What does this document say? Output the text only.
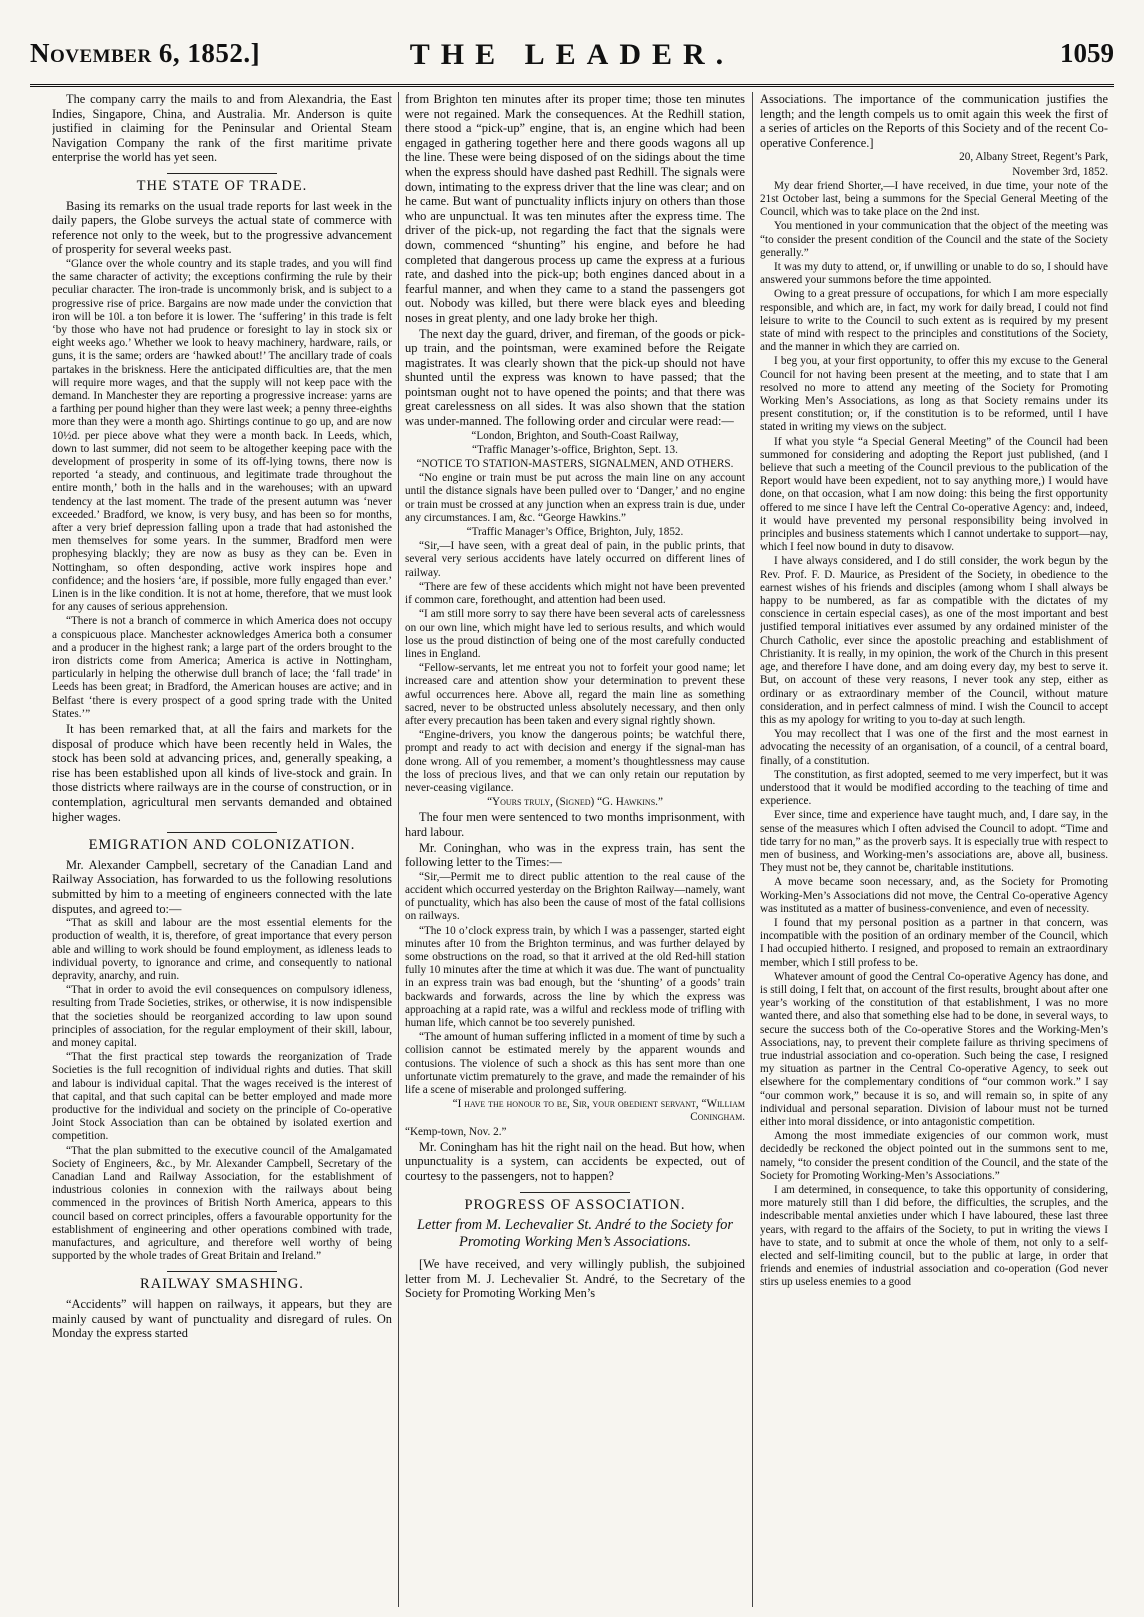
November 6, 1852.]	THE LEADER.	1059

The company carry the mails to and from Alexandria, the East Indies, Singapore, China, and Australia. Mr. Anderson is quite justified in claiming for the Peninsular and Oriental Steam Navigation Company the rank of the first maritime private enterprise the world has yet seen.

THE STATE OF TRADE.

Basing its remarks on the usual trade reports for last week in the daily papers, the Globe surveys the actual state of commerce with reference not only to the week, but to the progressive advancement of prosperity for several weeks past.

“Glance over the whole country and its staple trades, and you will find the same character of activity; the exceptions confirming the rule by their peculiar character. The iron-trade is uncommonly brisk, and is subject to a progressive rise of price. Bargains are now made under the conviction that iron will be 10l. a ton before it is lower. The ‘suffering’ in this trade is felt ‘by those who have not had prudence or foresight to lay in stock six or eight weeks ago.’ Whether we look to heavy machinery, hardware, rails, or guns, it is the same; orders are ‘hawked about!’ The ancillary trade of coals partakes in the briskness. Here the anticipated difficulties are, that the men will require more wages, and that the supply will not keep pace with the demand. In Manchester they are reporting a progressive increase: yarns are a farthing per pound higher than they were last week; a penny three-eighths more than they were a month ago. Shirtings continue to go up, and are now 10½d. per piece above what they were a month back. In Leeds, which, down to last summer, did not seem to be altogether keeping pace with the development of prosperity in some of its off-lying towns, there now is reported ‘a steady, and continuous, and legitimate trade throughout the entire month,’ both in the halls and in the warehouses; with an upward tendency at the last moment. The trade of the present autumn was ‘never exceeded.’ Bradford, we know, is very busy, and has been so for months, after a very brief depression falling upon a trade that had astonished the men themselves for some years. In the summer, Bradford men were prophesying blackly; they are now as busy as they can be. Even in Nottingham, so often desponding, active work inspires hope and confidence; and the hosiers ‘are, if possible, more fully engaged than ever.’ Linen is in the like condition. It is not at home, therefore, that we must look for any causes of serious apprehension.

“There is not a branch of commerce in which America does not occupy a conspicuous place. Manchester acknowledges America both a consumer and a producer in the highest rank; a large part of the orders brought to the iron districts come from America; America is active in Nottingham, particularly in helping the otherwise dull branch of lace; the ‘fall trade’ in Leeds has been great; in Bradford, the American houses are active; and in Belfast ‘there is every prospect of a good spring trade with the United States.’”

It has been remarked that, at all the fairs and markets for the disposal of produce which have been recently held in Wales, the stock has been sold at advancing prices, and, generally speaking, a rise has been established upon all kinds of live-stock and grain. In those districts where railways are in the course of construction, or in contemplation, agricultural men servants demanded and obtained higher wages.

EMIGRATION AND COLONIZATION.

Mr. Alexander Campbell, secretary of the Canadian Land and Railway Association, has forwarded to us the following resolutions submitted by him to a meeting of engineers connected with the late disputes, and agreed to:—

“That as skill and labour are the most essential elements for the production of wealth, it is, therefore, of great importance that every person able and willing to work should be found employment, as idleness leads to individual poverty, to ignorance and crime, and consequently to national depravity, anarchy, and ruin.

“That in order to avoid the evil consequences on compulsory idleness, resulting from Trade Societies, strikes, or otherwise, it is now indispensible that the societies should be reorganized according to law upon sound principles of association, for the regular employment of their skill, labour, and money capital.

“That the first practical step towards the reorganization of Trade Societies is the full recognition of individual rights and duties. That skill and labour is individual capital. That the wages received is the interest of that capital, and that such capital can be better employed and made more productive for the individual and society on the principle of Co-operative Joint Stock Association than can be obtained by isolated exertion and competition.

“That the plan submitted to the executive council of the Amalgamated Society of Engineers, &c., by Mr. Alexander Campbell, Secretary of the Canadian Land and Railway Association, for the establishment of industrious colonies in connexion with the railways about being commenced in the provinces of British North America, appears to this council based on correct principles, offers a favourable opportunity for the establishment of engineering and other operations combined with trade, manufactures, and agriculture, and therefore well worthy of being supported by the whole trades of Great Britain and Ireland.”

RAILWAY SMASHING.

“Accidents” will happen on railways, it appears, but they are mainly caused by want of punctuality and disregard of rules. On Monday the express started

from Brighton ten minutes after its proper time; those ten minutes were not regained. Mark the consequences. At the Redhill station, there stood a “pick-up” engine, that is, an engine which had been engaged in gathering together here and there goods wagons all up the line. These were being disposed of on the sidings about the time when the express should have dashed past Redhill. The signals were down, intimating to the express driver that the line was clear; and on he came. But want of punctuality inflicts injury on others than those who are unpunctual. It was ten minutes after the express time. The driver of the pick-up, not regarding the fact that the signals were down, commenced “shunting” his engine, and before he had completed that dangerous process up came the express at a furious rate, and dashed into the pick-up; both engines danced about in a fearful manner, and when they came to a stand the passengers got out. Nobody was killed, but there were black eyes and bleeding noses in great plenty, and one lady broke her thigh.

The next day the guard, driver, and fireman, of the goods or pick-up train, and the pointsman, were examined before the Reigate magistrates. It was clearly shown that the pick-up should not have shunted until the express was known to have passed; that the pointsman ought not to have opened the points; and that there was great carelessness on all sides. It was also shown that the station was under-manned. The following order and circular were read:—

“London, Brighton, and South-Coast Railway,

“Traffic Manager’s-office, Brighton, Sept. 13.

“NOTICE TO STATION-MASTERS, SIGNALMEN, AND OTHERS.

“No engine or train must be put across the main line on any account until the distance signals have been pulled over to ‘Danger,’ and no engine or train must be crossed at any junction when an express train is due, under any circumstances. I am, &c. “George Hawkins.”

“Traffic Manager’s Office, Brighton, July, 1852.

“Sir,—I have seen, with a great deal of pain, in the public prints, that several very serious accidents have lately occurred on different lines of railway.

“There are few of these accidents which might not have been prevented if common care, forethought, and attention had been used.

“I am still more sorry to say there have been several acts of carelessness on our own line, which might have led to serious results, and which would lose us the proud distinction of being one of the most carefully conducted lines in England.

“Fellow-servants, let me entreat you not to forfeit your good name; let increased care and attention show your determination to prevent these awful occurrences here. Above all, regard the main line as something sacred, never to be obstructed unless absolutely necessary, and then only after every precaution has been taken and every signal rightly shown.

“Engine-drivers, you know the dangerous points; be watchful there, prompt and ready to act with decision and energy if the signal-man has done wrong. All of you remember, a moment’s thoughtlessness may cause the loss of precious lives, and that we can only retain our reputation by never-ceasing vigilance.

“Yours truly, (Signed) “G. Hawkins.”

The four men were sentenced to two months imprisonment, with hard labour.

Mr. Coninghan, who was in the express train, has sent the following letter to the Times:—

“Sir,—Permit me to direct public attention to the real cause of the accident which occurred yesterday on the Brighton Railway—namely, want of punctuality, which has also been the cause of most of the fatal collisions on railways.

“The 10 o’clock express train, by which I was a passenger, started eight minutes after 10 from the Brighton terminus, and was further delayed by some obstructions on the road, so that it arrived at the old Red-hill station fully 10 minutes after the time at which it was due. The want of punctuality in an express train was bad enough, but the ‘shunting’ of a goods’ train backwards and forwards, across the line by which the express was approaching at a rapid rate, was a wilful and reckless mode of trifling with human life, which cannot be too severely punished.

“The amount of human suffering inflicted in a moment of time by such a collision cannot be estimated merely by the apparent wounds and contusions. The violence of such a shock as this has sent more than one unfortunate victim prematurely to the grave, and made the remainder of his life a scene of miserable and prolonged suffering.

“I have the honour to be, Sir, your obedient servant, “William Coningham.

“Kemp-town, Nov. 2.”

Mr. Coningham has hit the right nail on the head. But how, when unpunctuality is a system, can accidents be expected, out of courtesy to the passengers, not to happen?

PROGRESS OF ASSOCIATION.
Letter from M. Lechevalier St. André to the Society for Promoting Working Men’s Associations.

[We have received, and very willingly publish, the subjoined letter from M. J. Lechevalier St. André, to the Secretary of the Society for Promoting Working Men’s

Associations. The importance of the communication justifies the length; and the length compels us to omit again this week the first of a series of articles on the Reports of this Society and of the recent Co-operative Conference.]

20, Albany Street, Regent’s Park,

November 3rd, 1852.

My dear friend Shorter,—I have received, in due time, your note of the 21st October last, being a summons for the Special General Meeting of the Council, which was to take place on the 2nd inst.

You mentioned in your communication that the object of the meeting was “to consider the present condition of the Council and the state of the Society generally.”

It was my duty to attend, or, if unwilling or unable to do so, I should have answered your summons before the time appointed.

Owing to a great pressure of occupations, for which I am more especially responsible, and which are, in fact, my work for daily bread, I could not find leisure to write to the Council to such extent as is required by my present state of mind with respect to the principles and constitutions of the Society, and the manner in which they are carried on.

I beg you, at your first opportunity, to offer this my excuse to the General Council for not having been present at the meeting, and to state that I am resolved no more to attend any meeting of the Society for Promoting Working Men’s Associations, as long as that Society remains under its present constitution; or, if the constitution is to be reformed, until I have stated in writing my views on the subject.

If what you style “a Special General Meeting” of the Council had been summoned for considering and adopting the Report just published, (and I believe that such a meeting of the Council previous to the publication of the Report would have been expedient, not to say anything more,) I would have done, on that occasion, what I am now doing: this being the first opportunity offered to me since I have left the Central Co-operative Agency: and, indeed, it would have prevented my personal responsibility being involved in principles and business statements which I cannot undertake to support—nay, which I feel now bound in duty to disavow.

I have always considered, and I do still consider, the work begun by the Rev. Prof. F. D. Maurice, as President of the Society, in obedience to the earnest wishes of his friends and disciples (among whom I shall always be happy to be numbered, as far as compatible with the dictates of my conscience in certain especial cases), as one of the most important and best justified temporal initiatives ever assumed by any ordained minister of the Church Catholic, ever since the apostolic preaching and establishment of Christianity. It is really, in my opinion, the work of the Church in this present age, and therefore I have done, and am doing every day, my best to serve it. But, on account of these very reasons, I never took any step, either as ordinary or as extraordinary member of the Council, without mature consideration, and in perfect calmness of mind. I wish the Council to accept this as my apology for writing to you to-day at such length.

You may recollect that I was one of the first and the most earnest in advocating the necessity of an organisation, of a council, of a central board, finally, of a constitution.

The constitution, as first adopted, seemed to me very imperfect, but it was understood that it would be modified according to the teaching of time and experience.

Ever since, time and experience have taught much, and, I dare say, in the sense of the measures which I often advised the Council to adopt. “Time and tide tarry for no man,” as the proverb says. It is especially true with respect to men of business, and Working-men’s associations are, above all, business. They must not be, they cannot be, charitable institutions.

A move became soon necessary, and, as the Society for Promoting Working-Men’s Associations did not move, the Central Co-operative Agency was instituted as a matter of business-convenience, and even of necessity.

I found that my personal position as a partner in that concern, was incompatible with the position of an ordinary member of the Council, which I had occupied hitherto. I resigned, and proposed to remain an extraordinary member, which I still profess to be.

Whatever amount of good the Central Co-operative Agency has done, and is still doing, I felt that, on account of the first results, brought about after one year’s working of the constitution of that establishment, I was no more wanted there, and also that something else had to be done, in several ways, to secure the success both of the Co-operative Stores and the Working-Men’s Associations, nay, to prevent their complete failure as thriving specimens of true industrial association and co-operation. Such being the case, I resigned my situation as partner in the Central Co-operative Agency, to seek out elsewhere for the complementary conditions of “our common work.” I say “our common work,” because it is so, and will remain so, in spite of any individual and personal separation. Division of labour must not be turned either into moral dissidence, or into antagonistic competition.

Among the most immediate exigencies of our common work, must decidedly be reckoned the object pointed out in the summons sent to me, namely, “to consider the present condition of the Council, and the state of the Society for Promoting Working-Men’s Associations.”

I am determined, in consequence, to take this opportunity of considering, more maturely still than I did before, the difficulties, the scruples, and the indescribable mental anxieties under which I have laboured, these last three years, with regard to the affairs of the Society, to put in writing the views I have to state, and to submit at once the whole of them, not only to a self-elected and self-limiting council, but to the public at large, in order that friends and enemies of industrial association and co-operation (God never stirs up useless enemies to a good
